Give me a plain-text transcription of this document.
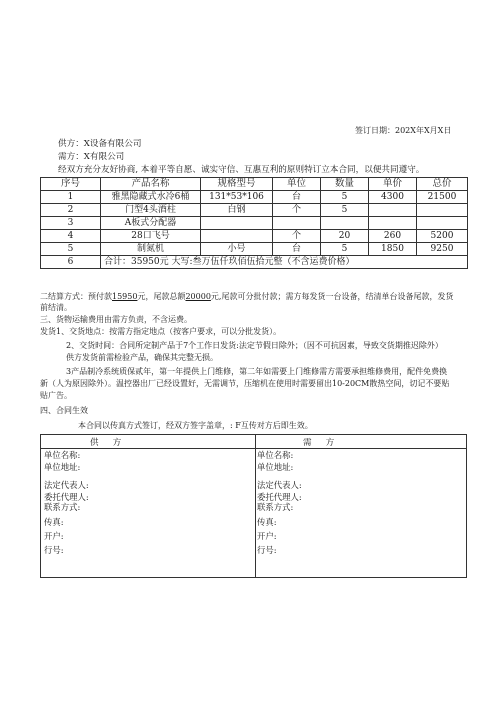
签订日期：202X年X月X日
供方：X设备有限公司
需方：X有限公司
经双方充分友好协商, 本着平等自愿、诚实守信、互惠互利的原则特订立本合同，以便共同遵守。
序号	产品名称	规格型号	单位	数量	单价	总价
1	雅黑隐藏式水冷6桶	131*53*106	台	5	4300	21500
2	门型4头酒柱	白钢	个	5		
3	A板式分配器					
4	28口飞号		个	20	260	5200
5	制氮机	小号	台	5	1850	9250
6	合计：35950元 大写:叁万伍仟玖佰伍拾元整（不含运费价格）					
二结算方式：预付款15950元，尾款总额20000元,尾款可分批付款；需方每发货一台设备，结清单台设备尾款，发货
前结清。
三、货物运输费用由需方负责，不含运费。
发货1、交货地点：按需方指定地点（按客户要求，可以分批发货）。
2、交货时间：合同所定制产品于7个工作日发货:法定节假日除外；（因不可抗因素，导致交货期推迟除外）
供方发货前需检验产品，确保其完整无损。
3产品制冷系统质保贰年，第一年提供上门维修，第二年如需要上门维修需方需要承担维修费用，配件免费换
新（人为原因除外）。温控器出厂已经设置好，无需调节，压缩机在使用时需要留出10-20CM散热空间，切记不要贴
贴广告。
四、合同生效
本合同以传真方式签订，经双方签字盖章，: F互传对方后即生效。
供方
单位名称:
单位地址:
法定代表人:
委托代理人:
联系方式:
传真:
开户:
行号:
需方
单位名称:
单位地址:
法定代表人:
委托代理人:
联系方式:
传真:
开户:
行号:
